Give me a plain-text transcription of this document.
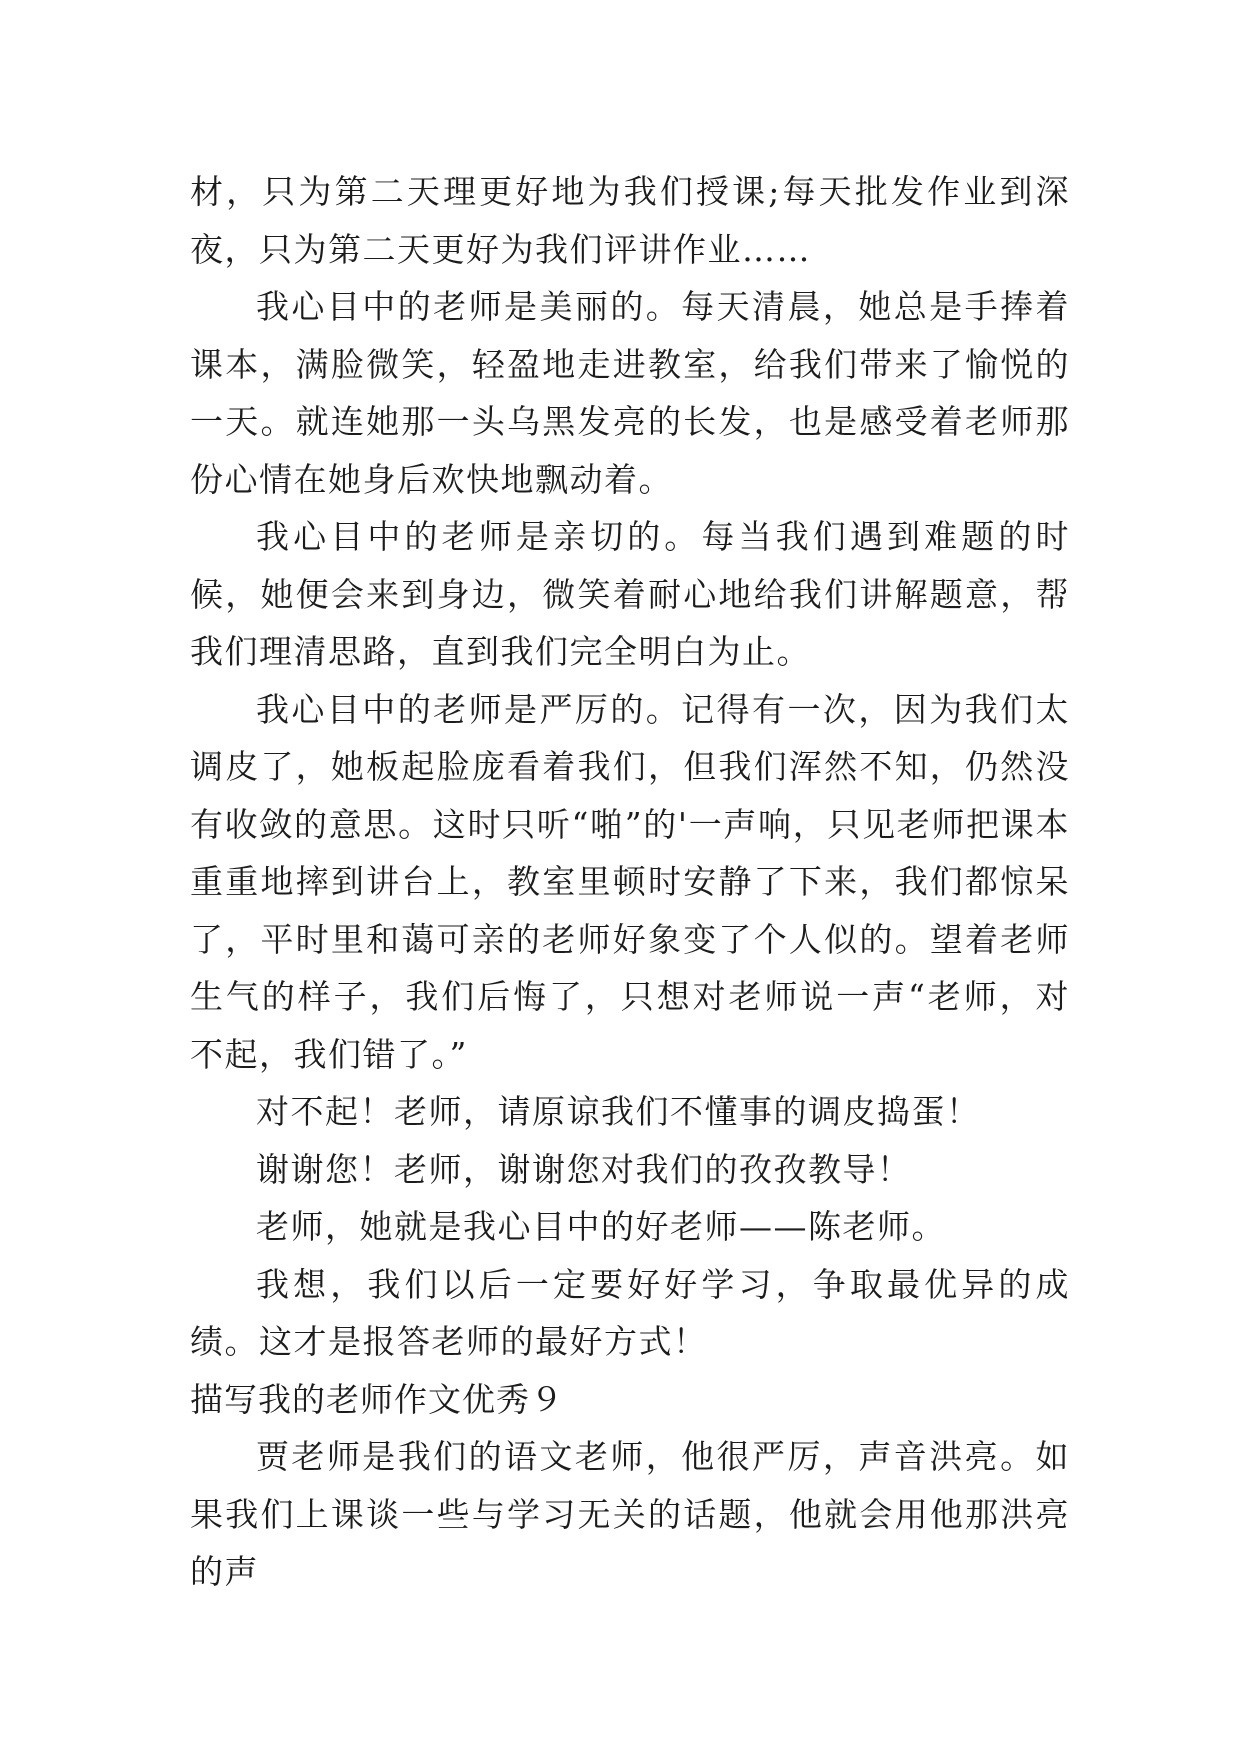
材，只为第二天理更好地为我们授课;每天批发作业到深夜，只为第二天更好为我们评讲作业……

我心目中的老师是美丽的。每天清晨，她总是手捧着课本，满脸微笑，轻盈地走进教室，给我们带来了愉悦的一天。就连她那一头乌黑发亮的长发，也是感受着老师那份心情在她身后欢快地飘动着。

我心目中的老师是亲切的。每当我们遇到难题的时候，她便会来到身边，微笑着耐心地给我们讲解题意，帮我们理清思路，直到我们完全明白为止。

我心目中的老师是严厉的。记得有一次，因为我们太调皮了，她板起脸庞看着我们，但我们浑然不知，仍然没有收敛的意思。这时只听“啪”的'一声响，只见老师把课本重重地摔到讲台上，教室里顿时安静了下来，我们都惊呆了，平时里和蔼可亲的老师好象变了个人似的。望着老师生气的样子，我们后悔了，只想对老师说一声“老师，对不起，我们错了。”

对不起！老师，请原谅我们不懂事的调皮捣蛋！

谢谢您！老师，谢谢您对我们的孜孜教导！

老师，她就是我心目中的好老师——陈老师。

我想，我们以后一定要好好学习，争取最优异的成绩。这才是报答老师的最好方式！

描写我的老师作文优秀９

贾老师是我们的语文老师，他很严厉，声音洪亮。如果我们上课谈一些与学习无关的话题，他就会用他那洪亮的声
